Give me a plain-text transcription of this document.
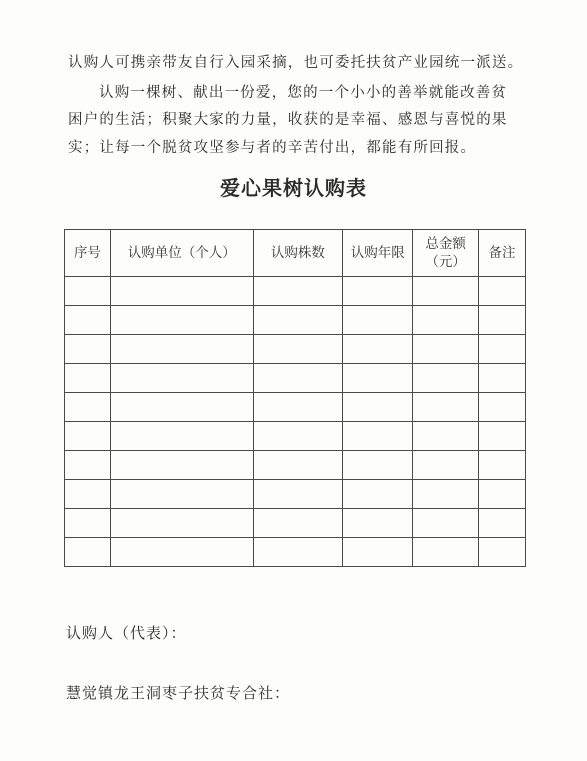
认购人可携亲带友自行入园采摘，也可委托扶贫产业园统一派送。
认购一棵树、献出一份爱，您的一个小小的善举就能改善贫
困户的生活；积聚大家的力量，收获的是幸福、感恩与喜悦的果
实；让每一个脱贫攻坚参与者的辛苦付出，都能有所回报。
爱心果树认购表
序号	认购单位（个人）	认购株数	认购年限	总金额
（元）	备注

认购人（代表）：
慧觉镇龙王洞枣子扶贫专合社：
